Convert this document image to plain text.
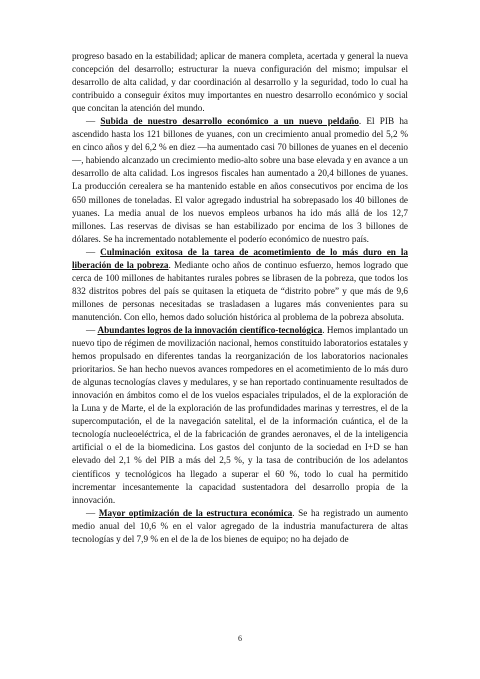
progreso basado en la estabilidad; aplicar de manera completa, acertada y general la nueva concepción del desarrollo; estructurar la nueva configuración del mismo; impulsar el desarrollo de alta calidad, y dar coordinación al desarrollo y la seguridad, todo lo cual ha contribuido a conseguir éxitos muy importantes en nuestro desarrollo económico y social que concitan la atención del mundo.

— Subida de nuestro desarrollo económico a un nuevo peldaño. El PIB ha ascendido hasta los 121 billones de yuanes, con un crecimiento anual promedio del 5,2 % en cinco años y del 6,2 % en diez —ha aumentado casi 70 billones de yuanes en el decenio—, habiendo alcanzado un crecimiento medio-alto sobre una base elevada y en avance a un desarrollo de alta calidad. Los ingresos fiscales han aumentado a 20,4 billones de yuanes. La producción cerealera se ha mantenido estable en años consecutivos por encima de los 650 millones de toneladas. El valor agregado industrial ha sobrepasado los 40 billones de yuanes. La media anual de los nuevos empleos urbanos ha ido más allá de los 12,7 millones. Las reservas de divisas se han estabilizado por encima de los 3 billones de dólares. Se ha incrementado notablemente el poderío económico de nuestro país.

— Culminación exitosa de la tarea de acometimiento de lo más duro en la liberación de la pobreza. Mediante ocho años de continuo esfuerzo, hemos logrado que cerca de 100 millones de habitantes rurales pobres se librasen de la pobreza, que todos los 832 distritos pobres del país se quitasen la etiqueta de “distrito pobre” y que más de 9,6 millones de personas necesitadas se trasladasen a lugares más convenientes para su manutención. Con ello, hemos dado solución histórica al problema de la pobreza absoluta.

— Abundantes logros de la innovación científico-tecnológica. Hemos implantado un nuevo tipo de régimen de movilización nacional, hemos constituido laboratorios estatales y hemos propulsado en diferentes tandas la reorganización de los laboratorios nacionales prioritarios. Se han hecho nuevos avances rompedores en el acometimiento de lo más duro de algunas tecnologías claves y medulares, y se han reportado continuamente resultados de innovación en ámbitos como el de los vuelos espaciales tripulados, el de la exploración de la Luna y de Marte, el de la exploración de las profundidades marinas y terrestres, el de la supercomputación, el de la navegación satelital, el de la información cuántica, el de la tecnología nucleoeléctrica, el de la fabricación de grandes aeronaves, el de la inteligencia artificial o el de la biomedicina. Los gastos del conjunto de la sociedad en I+D se han elevado del 2,1 % del PIB a más del 2,5 %, y la tasa de contribución de los adelantos científicos y tecnológicos ha llegado a superar el 60 %, todo lo cual ha permitido incrementar incesantemente la capacidad sustentadora del desarrollo propia de la innovación.

— Mayor optimización de la estructura económica. Se ha registrado un aumento medio anual del 10,6 % en el valor agregado de la industria manufacturera de altas tecnologías y del 7,9 % en el de la de los bienes de equipo; no ha dejado de

6
